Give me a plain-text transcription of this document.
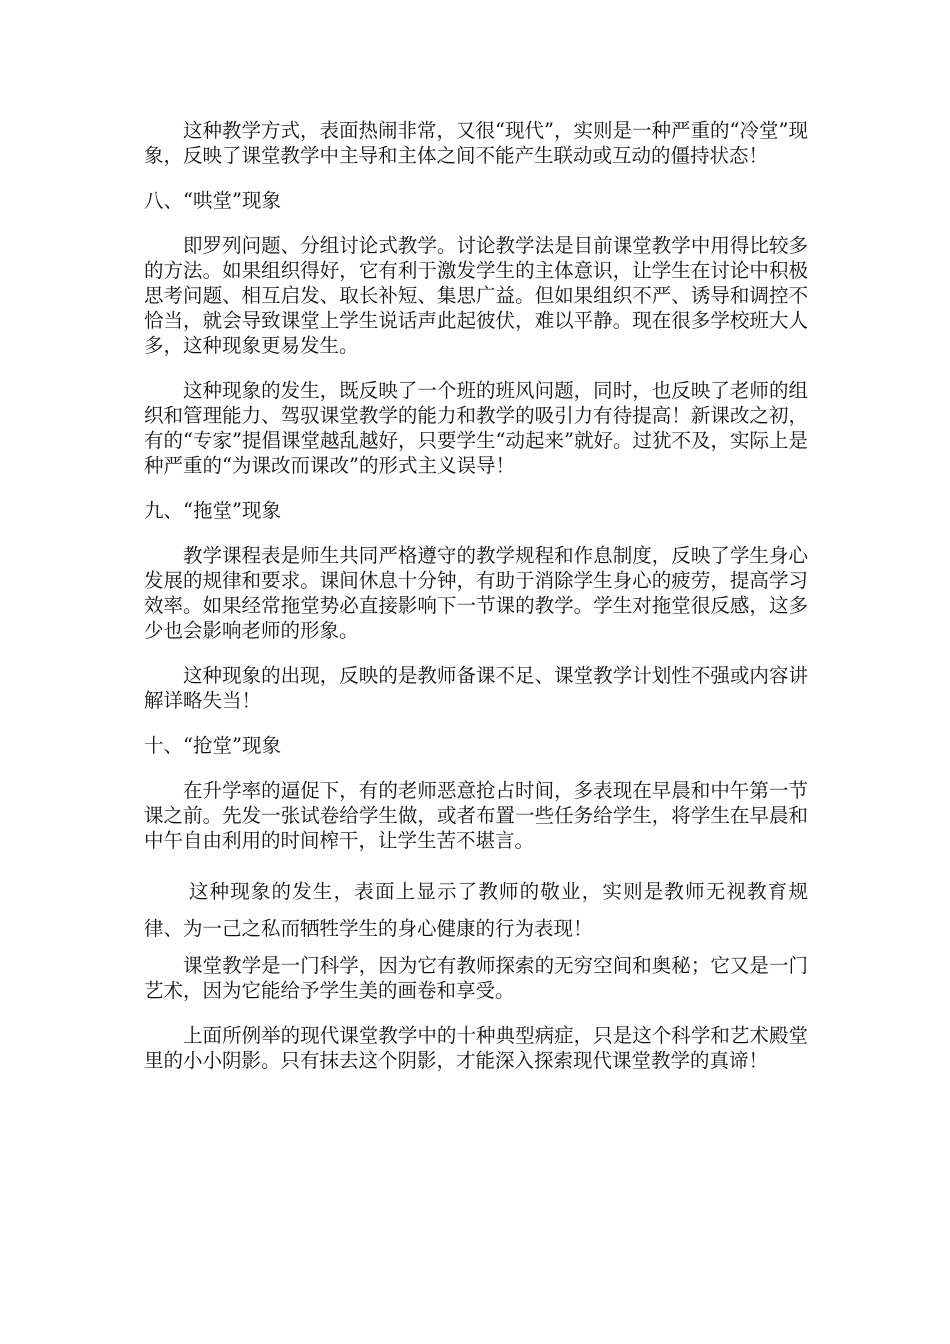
这种教学方式，表面热闹非常，又很“现代”，实则是一种严重的“冷堂”现象，反映了课堂教学中主导和主体之间不能产生联动或互动的僵持状态！

八、“哄堂”现象

即罗列问题、分组讨论式教学。讨论教学法是目前课堂教学中用得比较多的方法。如果组织得好，它有利于激发学生的主体意识，让学生在讨论中积极思考问题、相互启发、取长补短、集思广益。但如果组织不严、诱导和调控不恰当，就会导致课堂上学生说话声此起彼伏，难以平静。现在很多学校班大人多，这种现象更易发生。

这种现象的发生，既反映了一个班的班风问题，同时，也反映了老师的组织和管理能力、驾驭课堂教学的能力和教学的吸引力有待提高！新课改之初，有的“专家”提倡课堂越乱越好，只要学生“动起来”就好。过犹不及，实际上是种严重的“为课改而课改”的形式主义误导！

九、“拖堂”现象

教学课程表是师生共同严格遵守的教学规程和作息制度，反映了学生身心发展的规律和要求。课间休息十分钟，有助于消除学生身心的疲劳，提高学习效率。如果经常拖堂势必直接影响下一节课的教学。学生对拖堂很反感，这多少也会影响老师的形象。

这种现象的出现，反映的是教师备课不足、课堂教学计划性不强或内容讲解详略失当！

十、“抢堂”现象

在升学率的逼促下，有的老师恶意抢占时间，多表现在早晨和中午第一节课之前。先发一张试卷给学生做，或者布置一些任务给学生，将学生在早晨和中午自由利用的时间榨干，让学生苦不堪言。

这种现象的发生，表面上显示了教师的敬业，实则是教师无视教育规律、为一己之私而牺牲学生的身心健康的行为表现！

课堂教学是一门科学，因为它有教师探索的无穷空间和奥秘；它又是一门艺术，因为它能给予学生美的画卷和享受。

上面所例举的现代课堂教学中的十种典型病症，只是这个科学和艺术殿堂里的小小阴影。只有抹去这个阴影，才能深入探索现代课堂教学的真谛！
